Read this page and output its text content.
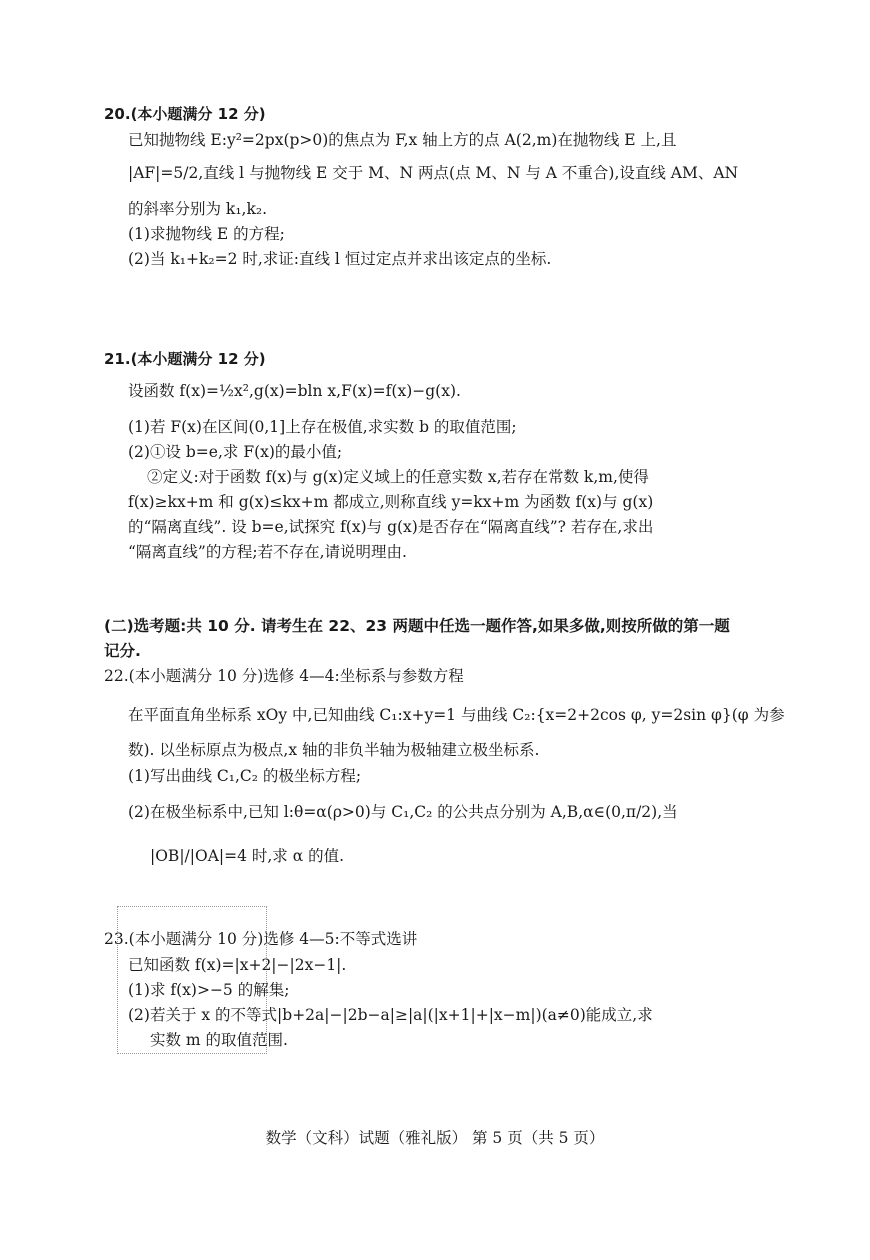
20.(本小题满分 12 分)
已知抛物线 E:y²=2px(p>0)的焦点为 F,x 轴上方的点 A(2,m)在抛物线 E 上,且
|AF|=5/2,直线 l 与抛物线 E 交于 M、N 两点(点 M、N 与 A 不重合),设直线 AM、AN
的斜率分别为 k₁,k₂.
(1)求抛物线 E 的方程;
(2)当 k₁+k₂=2 时,求证:直线 l 恒过定点并求出该定点的坐标.
21.(本小题满分 12 分)
设函数 f(x)=½x²,g(x)=bln x,F(x)=f(x)−g(x).
(1)若 F(x)在区间(0,1]上存在极值,求实数 b 的取值范围;
(2)①设 b=e,求 F(x)的最小值;
②定义:对于函数 f(x)与 g(x)定义域上的任意实数 x,若存在常数 k,m,使得
f(x)≥kx+m 和 g(x)≤kx+m 都成立,则称直线 y=kx+m 为函数 f(x)与 g(x)
的“隔离直线”. 设 b=e,试探究 f(x)与 g(x)是否存在“隔离直线”? 若存在,求出
“隔离直线”的方程;若不存在,请说明理由.
(二)选考题:共 10 分. 请考生在 22、23 两题中任选一题作答,如果多做,则按所做的第一题
记分.
22.(本小题满分 10 分)选修 4—4:坐标系与参数方程
在平面直角坐标系 xOy 中,已知曲线 C₁:x+y=1 与曲线 C₂:{x=2+2cos φ, y=2sin φ}(φ 为参
数). 以坐标原点为极点,x 轴的非负半轴为极轴建立极坐标系.
(1)写出曲线 C₁,C₂ 的极坐标方程;
(2)在极坐标系中,已知 l:θ=α(ρ>0)与 C₁,C₂ 的公共点分别为 A,B,α∈(0,π/2),当
|OB|/|OA|=4 时,求 α 的值.
23.(本小题满分 10 分)选修 4—5:不等式选讲
已知函数 f(x)=|x+2|−|2x−1|.
(1)求 f(x)>−5 的解集;
(2)若关于 x 的不等式|b+2a|−|2b−a|≥|a|(|x+1|+|x−m|)(a≠0)能成立,求
实数 m 的取值范围.
数学（文科）试题（雅礼版） 第 5 页（共 5 页）
